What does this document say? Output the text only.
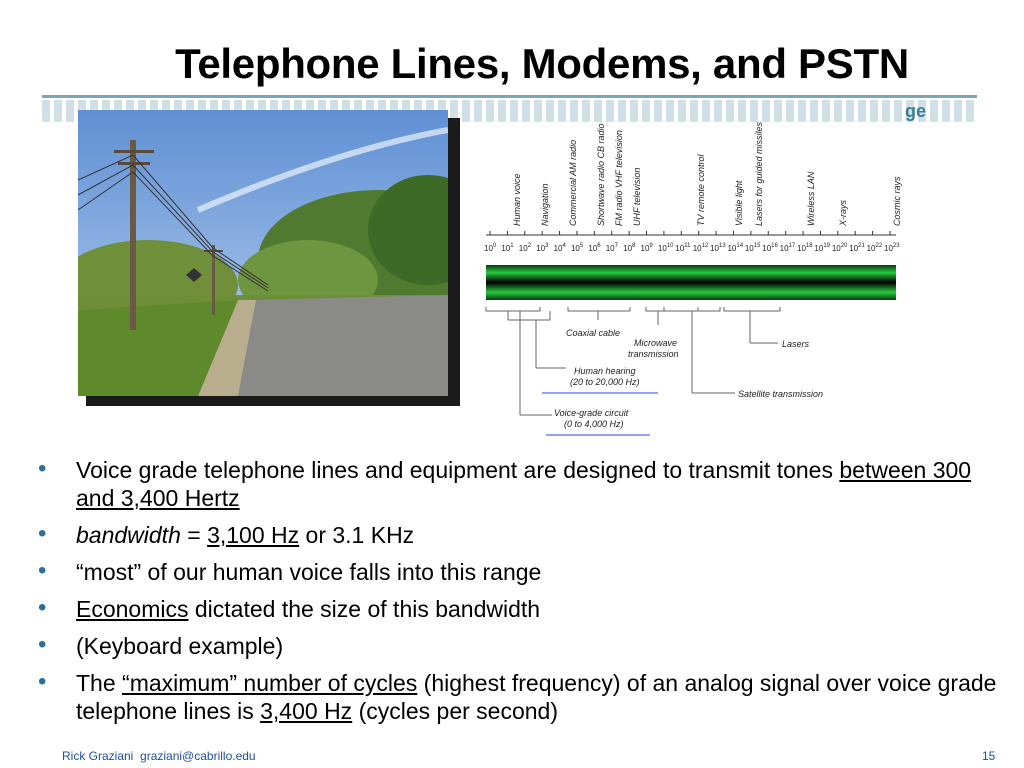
Telephone Lines, Modems, and PSTN
ge
Human voice Navigation Commercial AM radio Shortwave radio CB radio FM radio VHF television UHF television	TV remote control	Visible light Lasers for guided missiles	Wireless LAN X-rays	Cosmic rays
$10^0$ $10^1$ $10^2$ $10^3$ $10^4$ $10^5$ $10^6$ $10^7$ $10^8$ $10^9$ $10^{10}$ $10^{11}$ $10^{12}$ $10^{13}$ $10^{14}$ $10^{15}$ $10^{16}$ $10^{17}$ $10^{18}$ $10^{19}$ $10^{20}$ $10^{21}$ $10^{22}$ $10^{23}$
Coaxial cable
Microwave
transmission
Lasers
Human hearing
(20 to 20,000 Hz)
Satellite transmission
Voice-grade circuit
(0 to 4,000 Hz)
• Voice grade telephone lines and equipment are designed to transmit tones between 300 and 3,400 Hertz
• bandwidth = 3,100 Hz or 3.1 KHz
• “most” of our human voice falls into this range
• Economics dictated the size of this bandwidth
• (Keyboard example)
• The “maximum” number of cycles (highest frequency) of an analog signal over voice grade telephone lines is 3,400 Hz (cycles per second)
Rick Graziani graziani@cabrillo.edu	15
